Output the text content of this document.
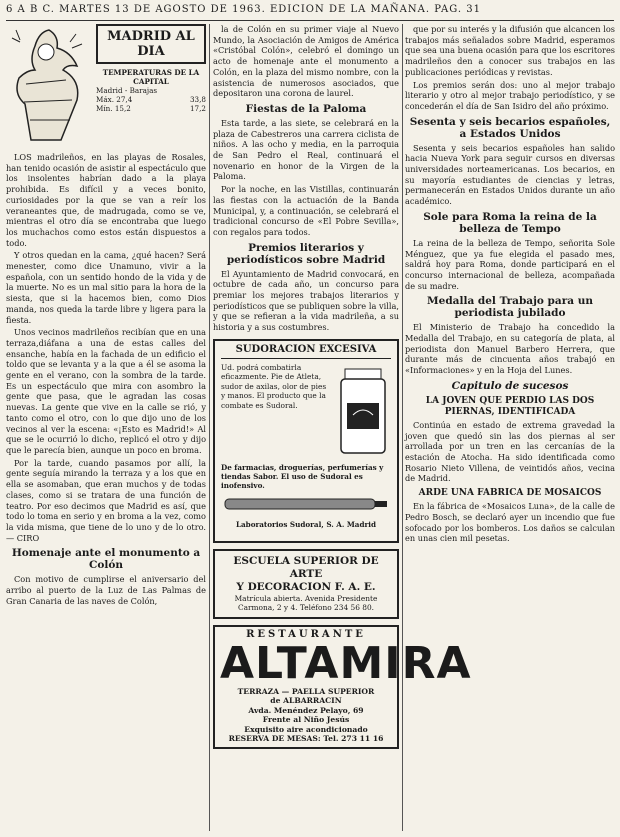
6 A B C. MARTES 13 DE AGOSTO DE 1963. EDICION DE LA MAÑANA. PAG. 31
MADRID AL DIA
TEMPERATURAS DE LA CAPITAL
Madrid - Barajas
Máx. 27,4	33,8
Mín. 15,2	17,2

LOS madrileños, en las playas de Rosales, han tenido ocasión de asistir al espectáculo que los insolentes habrían dado a la playa prohibida. Es difícil y a veces bonito, curiosidades por la que se van a reír los veraneantes que, de madrugada, como se ve, mientras el otro día se encontraba que luego los muchachos como estos están dispuestos a todo.

Y otros quedan en la cama, ¿qué hacen? Será menester, como dice Unamuno, vivir a la española, con un sentido hondo de la vida y de la muerte. No es un mal sitio para la hora de la siesta, que si la hacemos bien, como Dios manda, nos queda la tarde libre y ligera para la fiesta.

Unos vecinos madrileños recibían que en una terraza,diáfana a una de estas calles del ensanche, había en la fachada de un edificio el toldo que se levanta y a la que a él se asoma la gente en el verano, con la sombra de la tarde. Es un espectáculo que mira con asombro la gente que pasa, que le agradan las cosas nuevas. La gente que vive en la calle se rió, y tanto como el otro, con lo que dijo uno de los vecinos al ver la escena: «¡Esto es Madrid!» Al que se le ocurrió lo dicho, replicó el otro y dijo que le parecía bien, aunque un poco en broma.

Por la tarde, cuando pasamos por allí, la gente seguía mirando la terraza y a los que en ella se asomaban, que eran muchos y de todas clases, como si se tratara de una función de teatro. Por eso decimos que Madrid es así, que todo lo toma en serio y en broma a la vez, como la vida misma, que tiene de lo uno y de lo otro. — CIRO

Homenaje ante el monumento a Colón

Con motivo de cumplirse el aniversario del arribo al puerto de la Luz de Las Palmas de Gran Canaria de las naves de Colón,

la de Colón en su primer viaje al Nuevo Mundo, la Asociación de Amigos de América «Cristóbal Colón», celebró el domingo un acto de homenaje ante el monumento a Colón, en la plaza del mismo nombre, con la asistencia de numerosos asociados, que depositaron una corona de laurel.

Fiestas de la Paloma

Esta tarde, a las siete, se celebrará en la plaza de Cabestreros una carrera ciclista de niños. A las ocho y media, en la parroquia de San Pedro el Real, continuará el novenario en honor de la Virgen de la Paloma.

Por la noche, en las Vistillas, continuarán las fiestas con la actuación de la Banda Municipal, y, a continuación, se celebrará el tradicional concurso de «El Pobre Sevilla», con regalos para todos.

Premios literarios y periodísticos sobre Madrid

El Ayuntamiento de Madrid convocará, en octubre de cada año, un concurso para premiar los mejores trabajos literarios y periodísticos que se publiquen sobre la villa, y que se refieran a la vida madrileña, a su historia y a sus costumbres.

SUDORACION EXCESIVA
Ud. podrá combatirla eficazmente. Pie de Atleta, sudor de axilas, olor de pies y manos. El producto que la combate es Sudoral.
De farmacias, droguerías, perfumerías y tiendas Sabor. El uso de Sudoral es inofensivo.
Laboratorios Sudoral, S. A. Madrid
ESCUELA SUPERIOR DE ARTE
Y DECORACION F. A. E.
Matrícula abierta. Avenida Presidente Carmona, 2 y 4. Teléfono 234 56 80.
RESTAURANTE
ALTAMIRA
TERRAZA — PAELLA SUPERIOR
de ALBARRACIN
Avda. Menéndez Pelayo, 69
Frente al Niño Jesús
Exquisito aire acondicionado
RESERVA DE MESAS: Tel. 273 11 16

que por su interés y la difusión que alcancen los trabajos más señalados sobre Madrid, esperamos que sea una buena ocasión para que los escritores madrileños den a conocer sus trabajos en las publicaciones periódicas y revistas.

Los premios serán dos: uno al mejor trabajo literario y otro al mejor trabajo periodístico, y se concederán el día de San Isidro del año próximo.

Sesenta y seis becarios españoles, a Estados Unidos

Sesenta y seis becarios españoles han salido hacia Nueva York para seguir cursos en diversas universidades norteamericanas. Los becarios, en su mayoría estudiantes de ciencias y letras, permanecerán en Estados Unidos durante un año académico.

Sole para Roma la reina de la belleza de Tempo

La reina de la belleza de Tempo, señorita Sole Ménguez, que ya fue elegida el pasado mes, saldrá hoy para Roma, donde participará en el concurso internacional de belleza, acompañada de su madre.

Medalla del Trabajo para un periodista jubilado

El Ministerio de Trabajo ha concedido la Medalla del Trabajo, en su categoría de plata, al periodista don Manuel Barbero Herrera, que durante más de cincuenta años trabajó en «Informaciones» y en la Hoja del Lunes.

Capitulo de sucesos
LA JOVEN QUE PERDIO LAS DOS PIERNAS, IDENTIFICADA

Continúa en estado de extrema gravedad la joven que quedó sin las dos piernas al ser arrollada por un tren en las cercanías de la estación de Atocha. Ha sido identificada como Rosario Nieto Villena, de veintidós años, vecina de Madrid.

ARDE UNA FABRICA DE MOSAICOS

En la fábrica de «Mosaicos Luna», de la calle de Pedro Bosch, se declaró ayer un incendio que fue sofocado por los bomberos. Los daños se calculan en unas cien mil pesetas.
